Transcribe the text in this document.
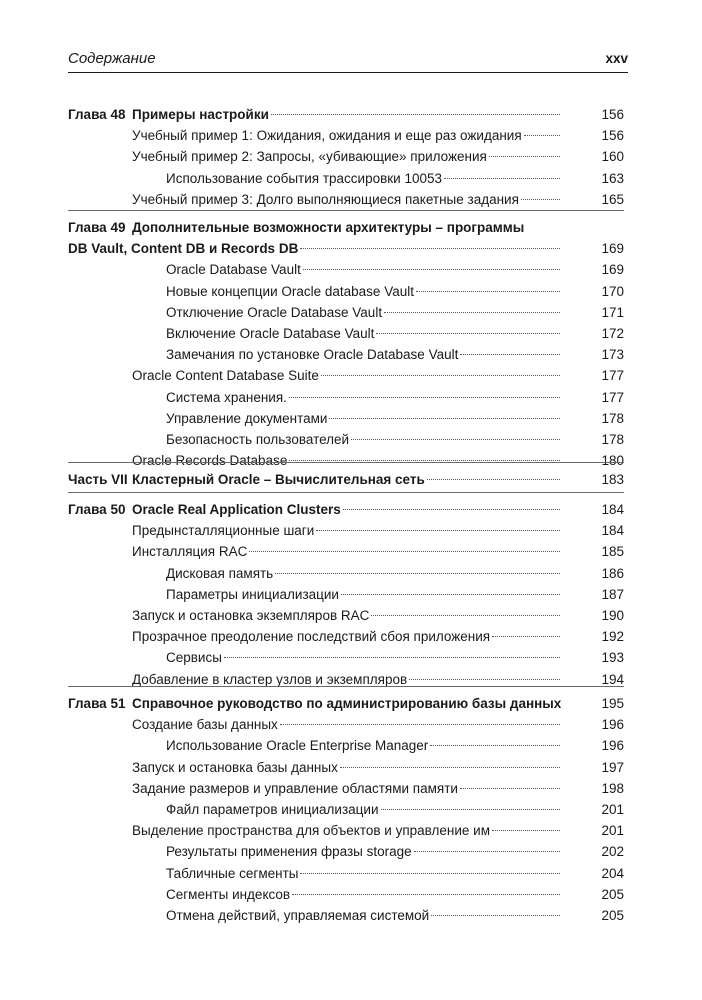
Содержание	xxv
Глава 48 Примеры настройки	156
Учебный пример 1: Ожидания, ожидания и еще раз ожидания	156
Учебный пример 2: Запросы, «убивающие» приложения	160
Использование события трассировки 10053	163
Учебный пример 3: Долго выполняющиеся пакетные задания	165
Глава 49 Дополнительные возможности архитектуры – программы
DB Vault, Content DB и Records DB	169
Oracle Database Vault	169
Новые концепции Oracle database Vault	170
Отключение Oracle Database Vault	171
Включение Oracle Database Vault	172
Замечания по установке Oracle Database Vault	173
Oracle Content Database Suite	177
Система хранения.	177
Управление документами	178
Безопасность пользователей	178
Oracle Records Database	180
Часть VII Кластерный Oracle – Вычислительная сеть	183
Глава 50 Oracle Real Application Clusters	184
Предынсталляционные шаги	184
Инсталляция RAC	185
Дисковая память	186
Параметры инициализации	187
Запуск и остановка экземпляров RAC	190
Прозрачное преодоление последствий сбоя приложения	192
Сервисы	193
Добавление в кластер узлов и экземпляров	194
Глава 51 Справочное руководство по администрированию базы данных	195
Создание базы данных	196
Использование Oracle Enterprise Manager	196
Запуск и остановка базы данных	197
Задание размеров и управление областями памяти	198
Файл параметров инициализации	201
Выделение пространства для объектов и управление им	201
Результаты применения фразы storage	202
Табличные сегменты	204
Сегменты индексов	205
Отмена действий, управляемая системой	205
